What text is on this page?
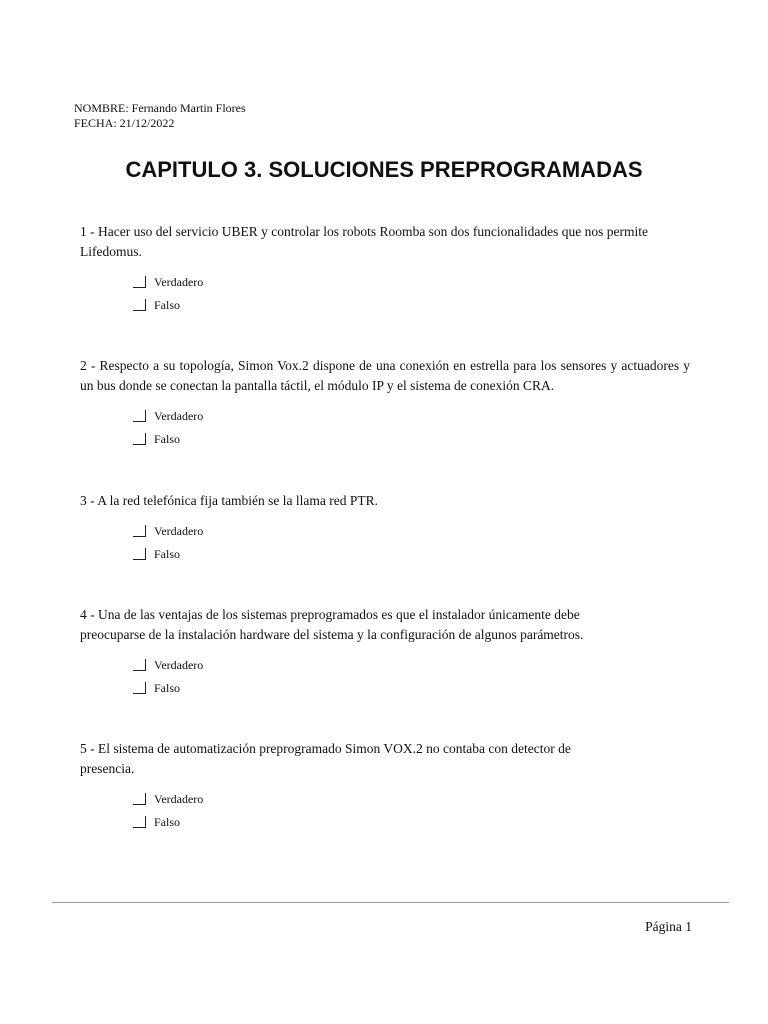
NOMBRE: Fernando Martin Flores
FECHA: 21/12/2022
CAPITULO 3. SOLUCIONES PREPROGRAMADAS

1 - Hacer uso del servicio UBER y controlar los robots Roomba son dos funcionalidades que nos permite Lifedomus.

Verdadero
Falso

2 - Respecto a su topología, Simon Vox.2 dispone de una conexión en estrella para los sensores y actuadores y un bus donde se conectan la pantalla táctil, el módulo IP y el sistema de conexión CRA.

Verdadero
Falso

3 - A la red telefónica fija también se la llama red PTR.

Verdadero
Falso

4 - Una de las ventajas de los sistemas preprogramados es que el instalador únicamente debe preocuparse de la instalación hardware del sistema y la configuración de algunos parámetros.

Verdadero
Falso

5 - El sistema de automatización preprogramado Simon VOX.2 no contaba con detector de presencia.

Verdadero
Falso
Página 1
